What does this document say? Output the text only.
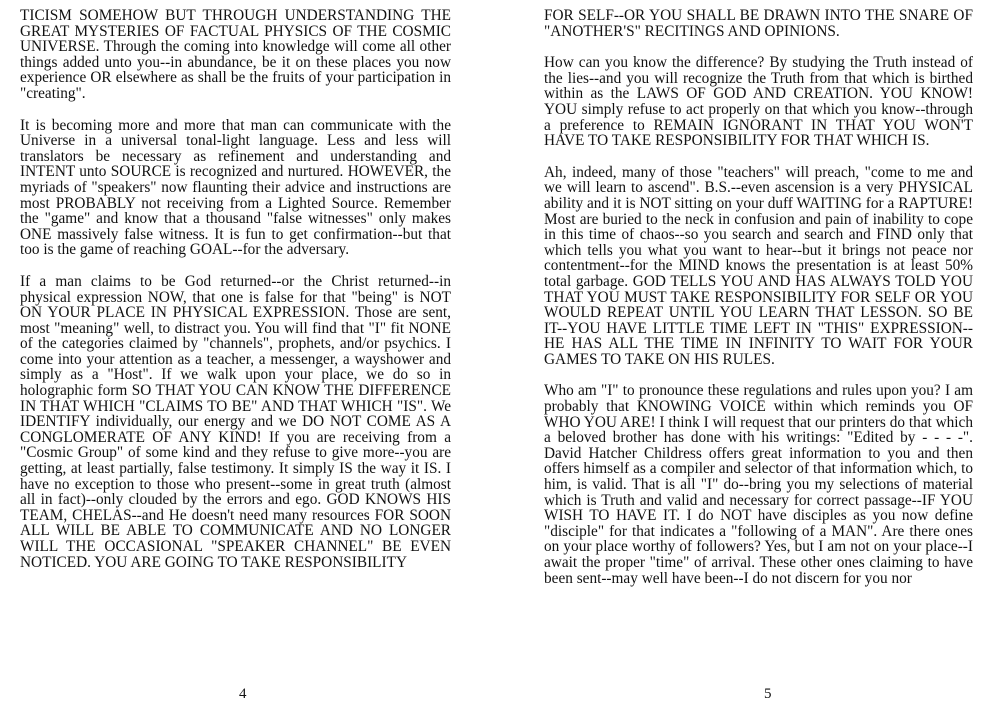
TICISM SOMEHOW BUT THROUGH UNDERSTANDING THE GREAT MYSTERIES OF FACTUAL PHYSICS OF THE COSMIC UNIVERSE. Through the coming into knowledge will come all other things added unto you--in abundance, be it on these places you now experience OR elsewhere as shall be the fruits of your participation in "creating".

It is becoming more and more that man can communicate with the Universe in a universal tonal-light language. Less and less will translators be necessary as refinement and understanding and INTENT unto SOURCE is recognized and nurtured. HOWEVER, the myriads of "speakers" now flaunting their advice and instructions are most PROBABLY not receiving from a Lighted Source. Remember the "game" and know that a thousand "false witnesses" only makes ONE massively false witness. It is fun to get confirmation--but that too is the game of reaching GOAL--for the adversary.

If a man claims to be God returned--or the Christ returned--in physical expression NOW, that one is false for that "being" is NOT ON YOUR PLACE IN PHYSICAL EXPRESSION. Those are sent, most "meaning" well, to distract you. You will find that "I" fit NONE of the categories claimed by "channels", prophets, and/or psychics. I come into your attention as a teacher, a messenger, a wayshower and simply as a "Host". If we walk upon your place, we do so in holographic form SO THAT YOU CAN KNOW THE DIFFERENCE IN THAT WHICH "CLAIMS TO BE" AND THAT WHICH "IS". We IDENTIFY individually, our energy and we DO NOT COME AS A CONGLOMERATE OF ANY KIND! If you are receiving from a "Cosmic Group" of some kind and they refuse to give more--you are getting, at least partially, false testimony. It simply IS the way it IS. I have no exception to those who present--some in great truth (almost all in fact)--only clouded by the errors and ego. GOD KNOWS HIS TEAM, CHELAS--and He doesn't need many resources FOR SOON ALL WILL BE ABLE TO COMMUNICATE AND NO LONGER WILL THE OCCASIONAL "SPEAKER CHANNEL" BE EVEN NOTICED. YOU ARE GOING TO TAKE RESPONSIBILITY

4

FOR SELF--OR YOU SHALL BE DRAWN INTO THE SNARE OF "ANOTHER'S" RECITINGS AND OPINIONS.

How can you know the difference? By studying the Truth instead of the lies--and you will recognize the Truth from that which is birthed within as the LAWS OF GOD AND CREATION. YOU KNOW! YOU simply refuse to act properly on that which you know--through a preference to REMAIN IGNORANT IN THAT YOU WON'T HAVE TO TAKE RESPONSIBILITY FOR THAT WHICH IS.

Ah, indeed, many of those "teachers" will preach, "come to me and we will learn to ascend". B.S.--even ascension is a very PHYSICAL ability and it is NOT sitting on your duff WAITING for a RAPTURE! Most are buried to the neck in confusion and pain of inability to cope in this time of chaos--so you search and search and FIND only that which tells you what you want to hear--but it brings not peace nor contentment--for the MIND knows the presentation is at least 50% total garbage. GOD TELLS YOU AND HAS ALWAYS TOLD YOU THAT YOU MUST TAKE RESPONSIBILITY FOR SELF OR YOU WOULD REPEAT UNTIL YOU LEARN THAT LESSON. SO BE IT--YOU HAVE LITTLE TIME LEFT IN "THIS" EXPRESSION--HE HAS ALL THE TIME IN INFINITY TO WAIT FOR YOUR GAMES TO TAKE ON HIS RULES.

Who am "I" to pronounce these regulations and rules upon you? I am probably that KNOWING VOICE within which reminds you OF WHO YOU ARE! I think I will request that our printers do that which a beloved brother has done with his writings: "Edited by - - - -". David Hatcher Childress offers great information to you and then offers himself as a compiler and selector of that information which, to him, is valid. That is all "I" do--bring you my selections of material which is Truth and valid and necessary for correct passage--IF YOU WISH TO HAVE IT. I do NOT have disciples as you now define "disciple" for that indicates a "following of a MAN". Are there ones on your place worthy of followers? Yes, but I am not on your place--I await the proper "time" of arrival. These other ones claiming to have been sent--may well have been--I do not discern for you nor

5
